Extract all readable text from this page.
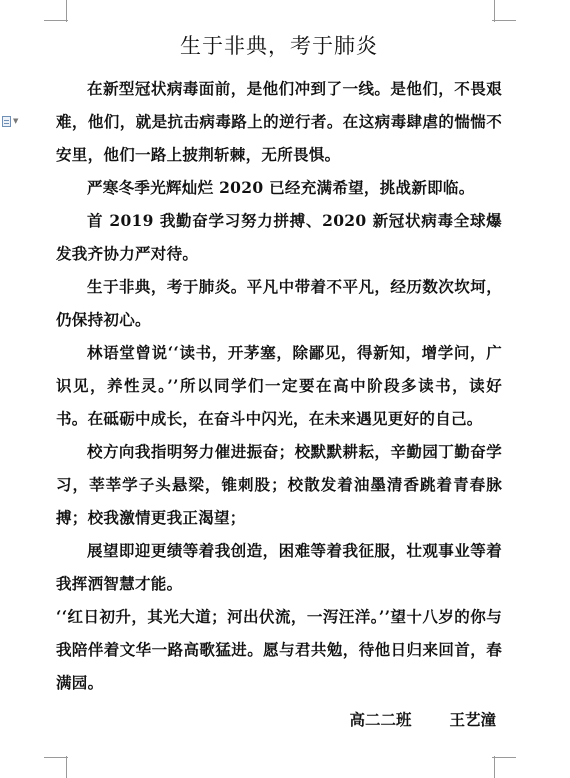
▼
生于非典，考于肺炎

在新型冠状病毒面前，是他们冲到了一线。是他们，不畏艰难，他们，就是抗击病毒路上的逆行者。在这病毒肆虐的惴惴不安里，他们一路上披荆斩棘，无所畏惧。

严寒冬季光辉灿烂 2020 已经充满希望，挑战新即临。

首 2019 我勤奋学习努力拼搏、2020 新冠状病毒全球爆发我齐协力严对待。

生于非典，考于肺炎。平凡中带着不平凡，经历数次坎坷，仍保持初心。

林语堂曾说‘‘读书，开茅塞，除鄙见，得新知，增学问，广识见，养性灵。’’所以同学们一定要在高中阶段多读书，读好书。在砥砺中成长，在奋斗中闪光，在未来遇见更好的自己。

校方向我指明努力催进振奋；校默默耕耘，辛勤园丁勤奋学习，莘莘学子头悬梁，锥刺股；校散发着油墨清香跳着青春脉搏；校我激情更我正渴望；

展望即迎更绩等着我创造，困难等着我征服，壮观事业等着我挥洒智慧才能。

‘‘红日初升，其光大道；河出伏流，一泻汪洋。’’望十八岁的你与我陪伴着文华一路高歌猛进。愿与君共勉，待他日归来回首，春满园。

高二二班 王艺潼
